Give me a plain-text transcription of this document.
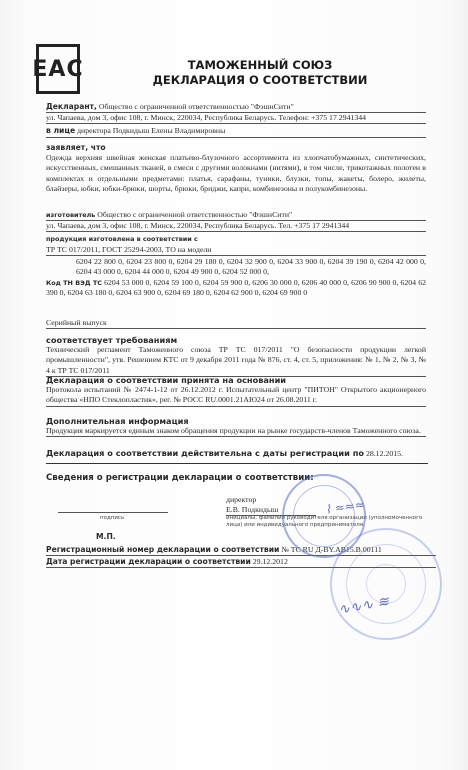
EAC	ТАМОЖЕННЫЙ СОЮЗ
ДЕКЛАРАЦИЯ О СООТВЕТСТВИИ
Декларант, Общество с ограниченной ответственностью "ФэшнСити"
ул. Чапаева, дом 3, офис 108, г. Минск, 220034, Республика Беларусь. Телефон: +375 17 2941344
в лице директора Подкидыш Елены Владимировны
заявляет, что
Одежда верхняя швейная женская платьево-блузочного ассортимента из хлопчатобумажных, синтетических, искусственных, смешанных тканей, в смеси с другими волокнами (нитями), в том числе, трикотажных полотен в комплектах и отдельными предметами: платья, сарафаны, туники, блузки, топы, жакеты, болеро, жилеты, блайзеры, юбки, юбки-брюки, шорты, брюки, бриджи, капри, комбинезоны и полукомбинезоны.
изготовитель Общество с ограниченной ответственностью "ФэшнСити"
ул. Чапаева, дом 3, офис 108, г. Минск, 220034, Республика Беларусь. Тел. +375 17 2941344
продукция изготовлена в соответствии с
ТР ТС 017/2011, ГОСТ 25294-2003, ТО на модели
6204 22 800 0, 6204 23 800 0, 6204 29 180 0, 6204 32 900 0, 6204 33 900 0, 6204 39 190 0, 6204 42 000 0, 6204 43 000 0, 6204 44 000 0, 6204 49 900 0, 6204 52 000 0,
Код ТН ВЭД ТС 6204 53 000 0, 6204 59 100 0, 6204 59 900 0, 6206 30 000 0, 6206 40 000 0, 6206 90 900 0, 6204 62 390 0, 6204 63 180 0, 6204 63 900 0, 6204 69 180 0, 6204 62 900 0, 6204 69 900 0
Серийный выпуск
соответствует требованиям
Технический регламент Таможенного союза ТР ТС 017/2011 "О безопасности продукции легкой промышленности", утв. Решением КТС от 9 декабря 2011 года № 876, ст. 4, ст. 5, приложения: № 1, № 2, № 3, № 4 к ТР ТС 017/2011
Декларация о соответствии принята на основании
Протокола испытаний № 2474-1-12 от 26.12.2012 г. Испытательный центр "ПИТОН" Открытого акционерного общества «НПО Стеклопластик», рег. № РОСС RU.0001.21АЮ24 от 26.08.2011 г.
Дополнительная информация
Продукция маркируется единым знаком обращения продукции на рынке государств-членов Таможенного союза.
Декларация о соответствии действительна с даты регистрации по 28.12.2015.
Сведения о регистрации декларации о соответствии:
директор
Е.В. Подкидыш
подпись	инициалы, фамилия руководителя организации (уполномоченного лица) или индивидуального предпринимателя
М.П.
Регистрационный номер декларации о соответствии № ТС RU Д-BY.AB15.В.00111
Дата регистрации декларации о соответствии 29.12.2012
⌇ ≈≈≈
∿∿∿ ≋
